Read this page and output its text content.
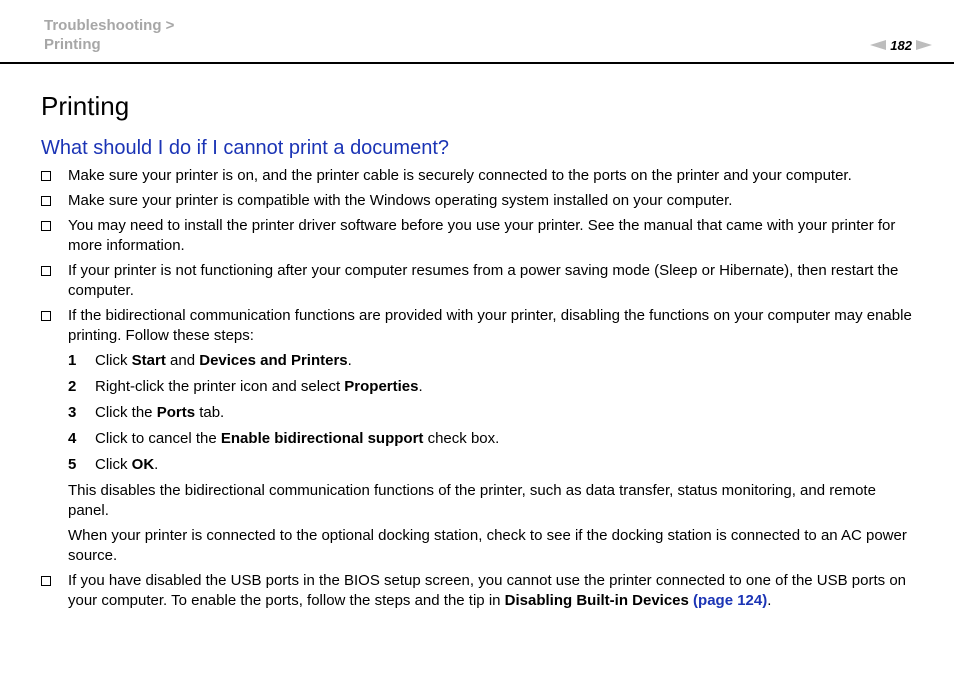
Troubleshooting >
Printing	182
Printing
What should I do if I cannot print a document?
Make sure your printer is on, and the printer cable is securely connected to the ports on the printer and your computer.
Make sure your printer is compatible with the Windows operating system installed on your computer.
You may need to install the printer driver software before you use your printer. See the manual that came with your printer for more information.
If your printer is not functioning after your computer resumes from a power saving mode (Sleep or Hibernate), then restart the computer.
If the bidirectional communication functions are provided with your printer, disabling the functions on your computer may enable printing. Follow these steps:
1 Click Start and Devices and Printers.
2 Right-click the printer icon and select Properties.
3 Click the Ports tab.
4 Click to cancel the Enable bidirectional support check box.
5 Click OK.
This disables the bidirectional communication functions of the printer, such as data transfer, status monitoring, and remote panel.
When your printer is connected to the optional docking station, check to see if the docking station is connected to an AC power source.
If you have disabled the USB ports in the BIOS setup screen, you cannot use the printer connected to one of the USB ports on your computer. To enable the ports, follow the steps and the tip in Disabling Built-in Devices (page 124).
